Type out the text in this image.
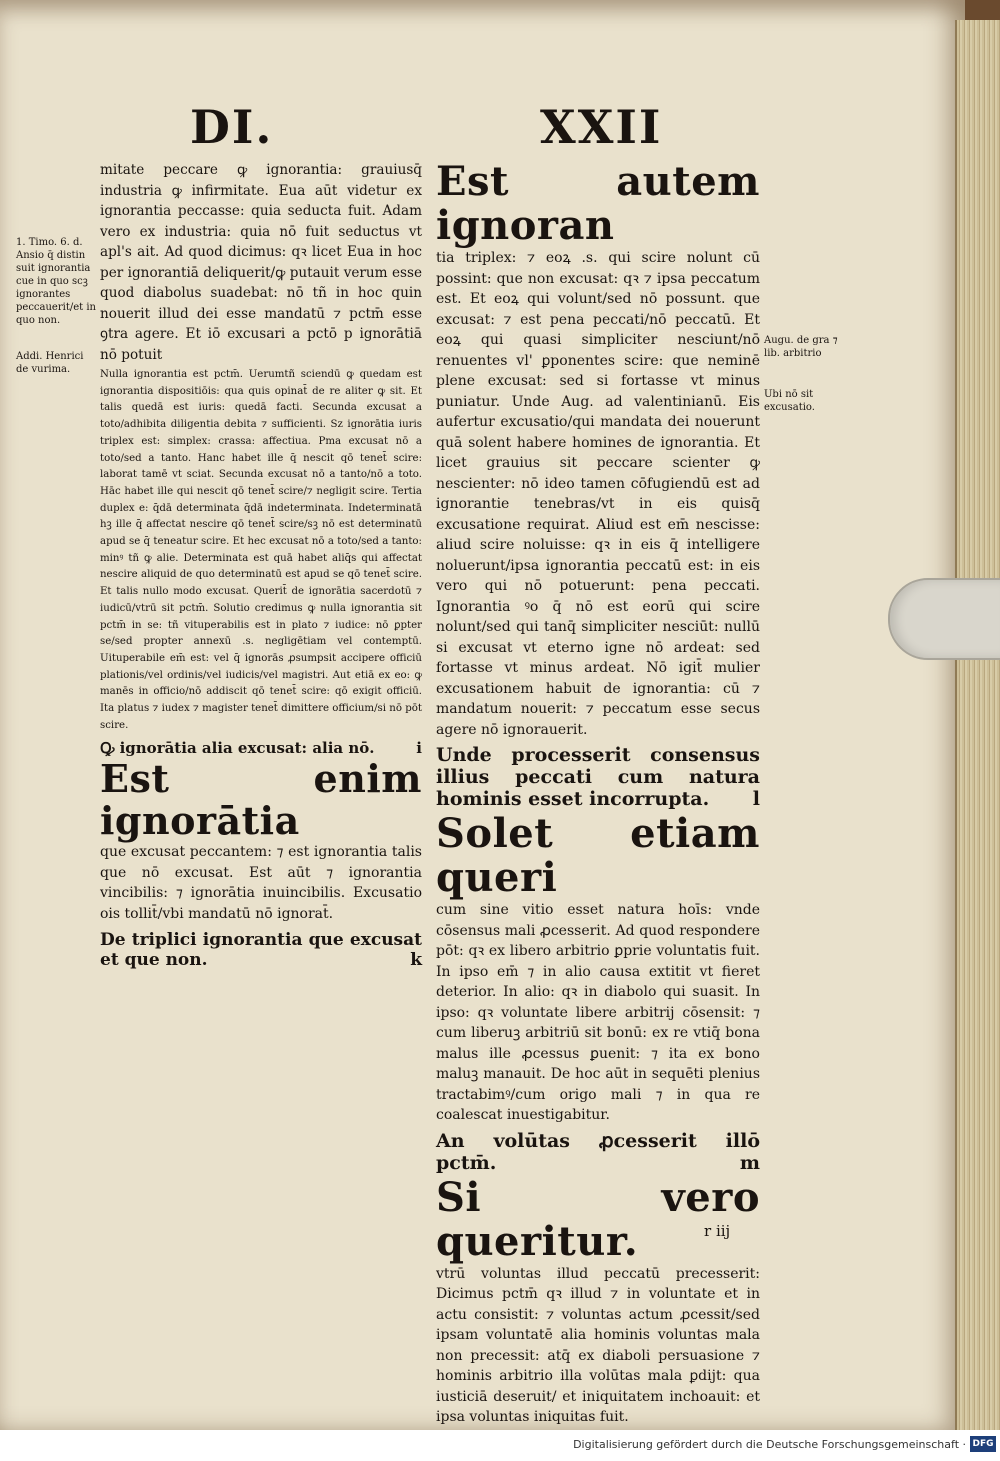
DI.	XXII
1. Timo. 6. d. Ansio q̄ distin suit ignorantia cue in quo scꝫ ignorantes peccauerit/et in quo non.
Addi. Henrici de vurima.

mitate peccare ꝙ ignorantia: grauiusq̄ industria ꝙ infirmitate. Eua aūt videtur ex ignorantia peccasse: quia seducta fuit. Adam vero ex industria: quia nō fuit seductus vt apl's ait. Ad quod dicimus: qꝛ licet Eua in hoc per ignorantiā deliquerit/ꝙ putauit verum esse quod diabolus suadebat: nō tñ in hoc quin nouerit illud dei esse mandatū ⁊ pctm̄ esse ꝯtra agere. Et iō excusari a pctō p ignorātiā nō potuit

Nulla ignorantia est pctm̄. Uerumtñ sciendū ꝙ quedam est ignorantia dispositiōis: qua quis opinat̄ de re aliter ꝙ sit. Et talis quedā est iuris: quedā facti. Secunda excusat a toto/adhibita diligentia debita ⁊ sufficienti. Sz ignorātia iuris triplex est: simplex: crassa: affectiua. Pma excusat nō a toto/sed a tanto. Hanc habet ille q̄ nescit qō tenet̄ scire: laborat tamē vt sciat. Secunda excusat nō a tanto/nō a toto. Hāc habet ille qui nescit qō tenet̄ scire/⁊ negligit scire. Tertia duplex e: q̄dā determinata q̄dā indeterminata. Indeterminatā hꝫ ille q̄ affectat nescire qō tenet̄ scire/sꝫ nō est determinatū apud se q̄ teneatur scire. Et hec excusat nō a toto/sed a tanto: minꝰ tñ ꝙ alie. Determinata est quā habet aliq̄s qui affectat nescire aliquid de quo determinatū est apud se qō tenet̄ scire. Et talis nullo modo excusat. Querit̄ de ignorātia sacerdotū ⁊ iudicū/vtrū sit pctm̄. Solutio credimus ꝙ nulla ignorantia sit pctm̄ in se: tñ vituperabilis est in plato ⁊ iudice: nō ꝑpter se/sed propter annexū .s. negligētiam vel contemptū. Uituperabile em̄ est: vel q̄ ignorās ꝓsumpsit accipere officiū plationis/vel ordinis/vel iudicis/vel magistri. Aut etiā ex eo: ꝙ manēs in officio/nō addiscit qō tenet̄ scire: qō exigit officiū. Ita platus ⁊ iudex ⁊ magister tenet̄ dimittere officium/si nō pōt scire.

Ꝙ ignorātia alia excusat: alia nō.	i

Est enim ignorātia

que excusat peccantem: ⁊ est ignorantia talis que nō excusat. Est aūt ⁊ ignorantia vincibilis: ⁊ ignorātia inuincibilis. Excusatio ois tollit̄/vbi mandatū nō ignorat̄.

De triplici ignorantia que excusat et que non.	k

Est autem ignoran

tia triplex: ⁊ eoꝝ .s. qui scire nolunt cū possint: que non excusat: qꝛ ⁊ ipsa peccatum est. Et eoꝝ qui volunt/sed nō possunt. que excusat: ⁊ est pena peccati/nō peccatū. Et eoꝝ qui quasi simpliciter nesciunt/nō renuentes vl' ꝑponentes scire: que neminē plene excusat: sed si fortasse vt minus puniatur. Unde Aug. ad valentinianū. Eis aufertur excusatio/qui mandata dei nouerunt quā solent habere homines de ignorantia. Et licet grauius sit peccare scienter ꝙ nescienter: nō ideo tamen cōfugiendū est ad ignorantie tenebras/vt in eis quisq̄ excusatione requirat. Aliud est em̄ nescisse: aliud scire noluisse: qꝛ in eis q̄ intelligere noluerunt/ipsa ignorantia peccatū est: in eis vero qui nō potuerunt: pena peccati. Ignorantia ꝰo q̄ nō est eorū qui scire nolunt/sed qui tanq̄ simpliciter nesciūt: nullū si excusat vt eterno igne nō ardeat: sed fortasse vt minus ardeat. Nō igit̄ mulier excusationem habuit de ignorantia: cū ⁊ mandatum nouerit: ⁊ peccatum esse secus agere nō ignorauerit.

Unde processerit consensus illius peccati cum natura hominis esset incorrupta. l

Solet etiam queri

cum sine vitio esset natura hoīs: vnde cōsensus mali ꝓcesserit. Ad quod respondere pōt: qꝛ ex libero arbitrio ꝑprie voluntatis fuit. In ipso em̄ ⁊ in alio causa extitit vt fieret deterior. In alio: qꝛ in diabolo qui suasit. In ipso: qꝛ voluntate libere arbitrij cōsensit: ⁊ cum liberuꝫ arbitriū sit bonū: ex re vtiq̄ bona malus ille ꝓcessus ꝑuenit: ⁊ ita ex bono maluꝫ manauit. De hoc aūt in sequēti plenius tractabimꝰ/cum origo mali ⁊ in qua re coalescat inuestigabitur.

An volūtas ꝓcesserit illō pctm̄.	m

Si vero queritur.

vtrū voluntas illud peccatū precesserit: Dicimus pctm̄ qꝛ illud ⁊ in voluntate et in actu consistit: ⁊ voluntas actum ꝓcessit/sed ipsam voluntatē alia hominis voluntas mala non precessit: atq̄ ex diaboli persuasione ⁊ hominis arbitrio illa volūtas mala ꝑdijt: qua iusticiā deseruit/ et iniquitatem inchoauit: et ipsa voluntas iniquitas fuit.

Augu. de gra ⁊ lib. arbitrio
Ubi nō sit excusatio.
r iij
Digitalisierung gefördert durch die Deutsche Forschungsgemeinschaft · DFG
